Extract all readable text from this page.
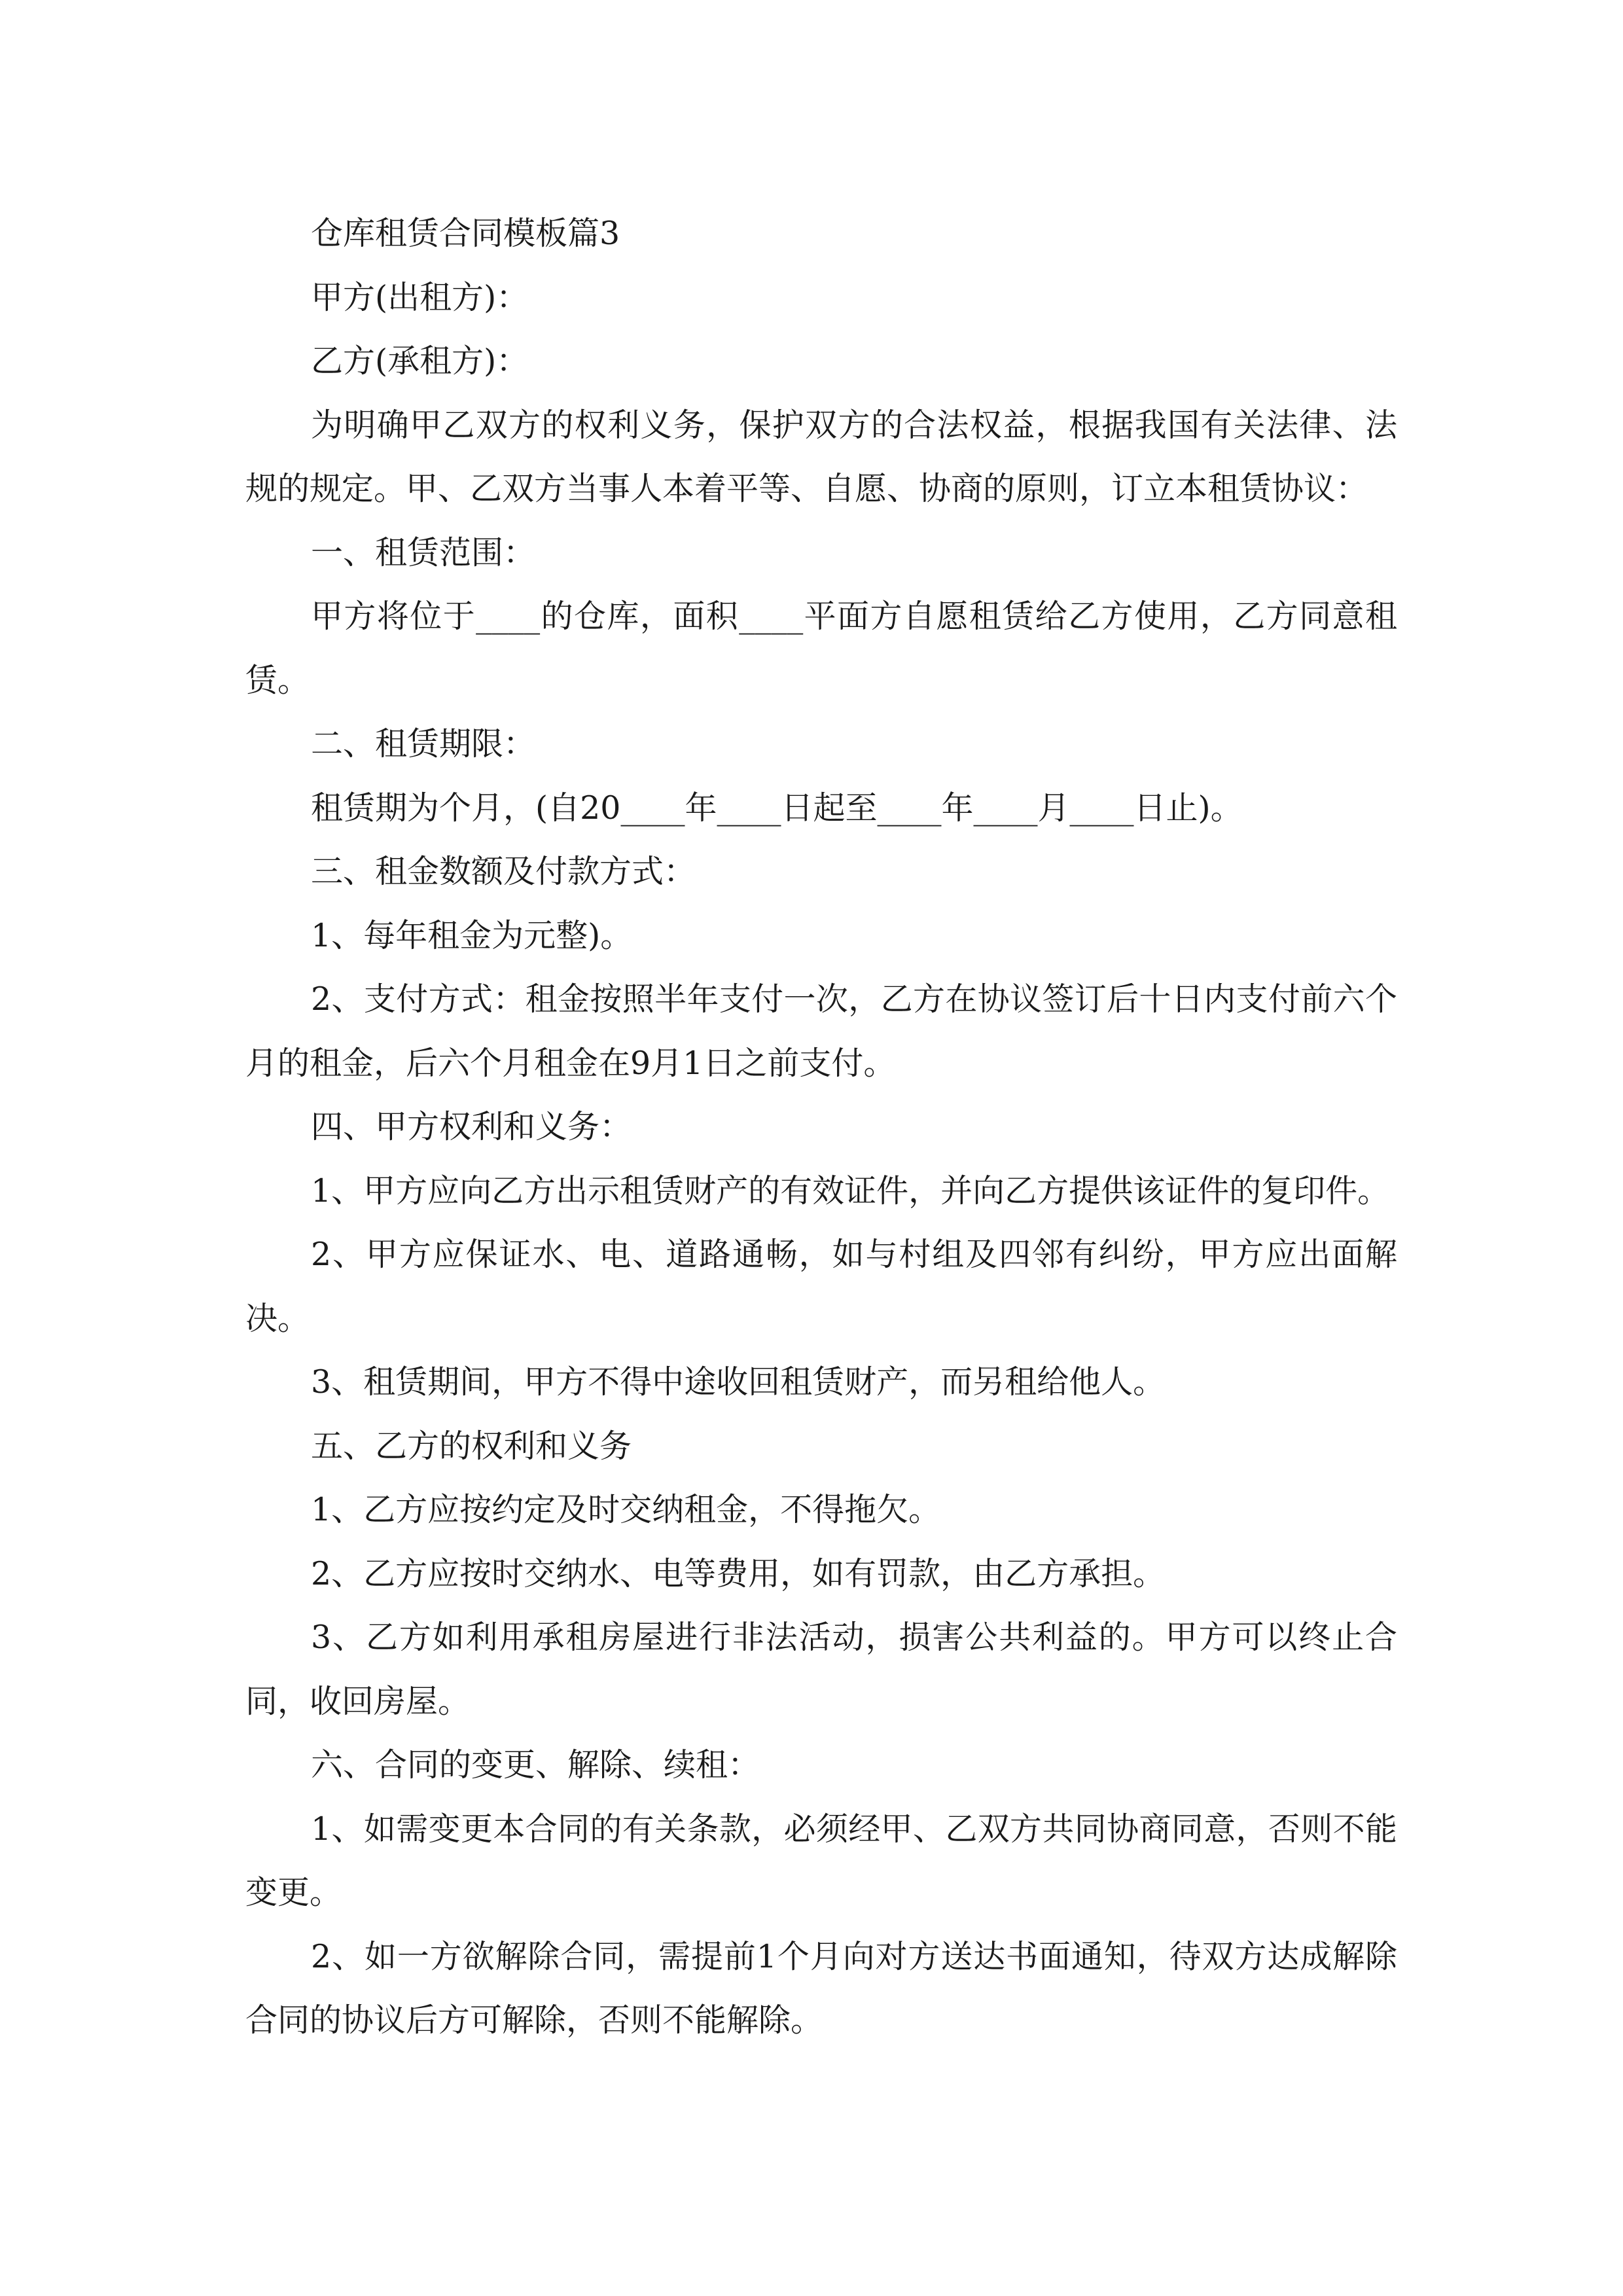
仓库租赁合同模板篇3

甲方(出租方)：

乙方(承租方)：

为明确甲乙双方的权利义务，保护双方的合法权益，根据我国有关法律、法规的规定。甲、乙双方当事人本着平等、自愿、协商的原则，订立本租赁协议：

一、租赁范围：

甲方将位于____的仓库，面积____平面方自愿租赁给乙方使用，乙方同意租赁。

二、租赁期限：

租赁期为个月，(自20____年____日起至____年____月____日止)。

三、租金数额及付款方式：

1、每年租金为元整)。

2、支付方式：租金按照半年支付一次，乙方在协议签订后十日内支付前六个月的租金，后六个月租金在9月1日之前支付。

四、甲方权利和义务：

1、甲方应向乙方出示租赁财产的有效证件，并向乙方提供该证件的复印件。

2、甲方应保证水、电、道路通畅，如与村组及四邻有纠纷，甲方应出面解决。

3、租赁期间，甲方不得中途收回租赁财产，而另租给他人。

五、乙方的权利和义务

1、乙方应按约定及时交纳租金，不得拖欠。

2、乙方应按时交纳水、电等费用，如有罚款，由乙方承担。

3、乙方如利用承租房屋进行非法活动，损害公共利益的。甲方可以终止合同，收回房屋。

六、合同的变更、解除、续租：

1、如需变更本合同的有关条款，必须经甲、乙双方共同协商同意，否则不能变更。

2、如一方欲解除合同，需提前1个月向对方送达书面通知，待双方达成解除合同的协议后方可解除，否则不能解除。
